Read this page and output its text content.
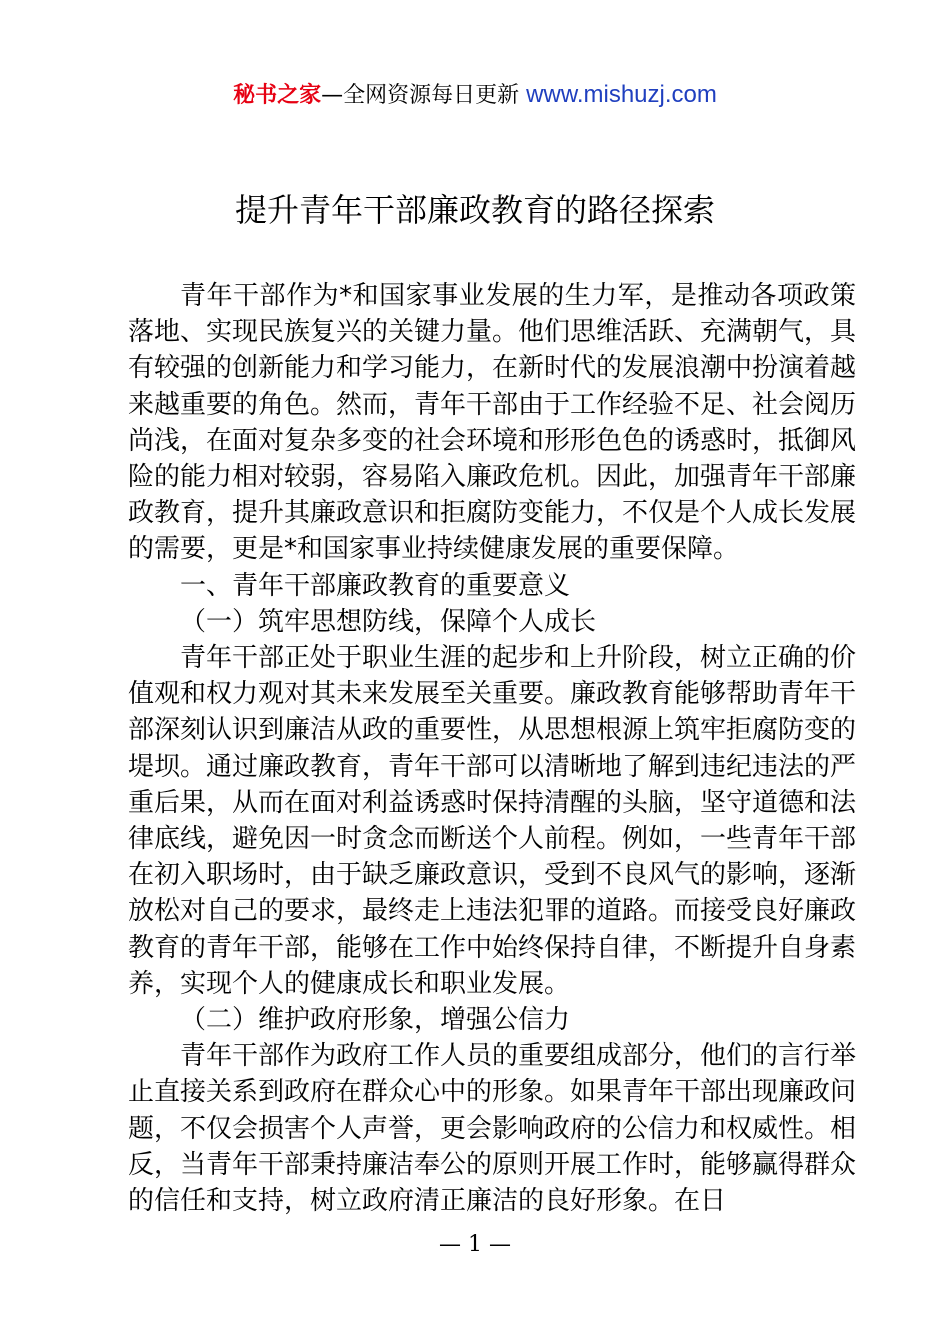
秘书之家—全网资源每日更新 www.mishuzj.com
提升青年干部廉政教育的路径探索

青年干部作为*和国家事业发展的生力军，是推动各项政策落地、实现民族复兴的关键力量。他们思维活跃、充满朝气，具有较强的创新能力和学习能力，在新时代的发展浪潮中扮演着越来越重要的角色。然而，青年干部由于工作经验不足、社会阅历尚浅，在面对复杂多变的社会环境和形形色色的诱惑时，抵御风险的能力相对较弱，容易陷入廉政危机。因此，加强青年干部廉政教育，提升其廉政意识和拒腐防变能力，不仅是个人成长发展的需要，更是*和国家事业持续健康发展的重要保障。

一、青年干部廉政教育的重要意义

（一）筑牢思想防线，保障个人成长

青年干部正处于职业生涯的起步和上升阶段，树立正确的价值观和权力观对其未来发展至关重要。廉政教育能够帮助青年干部深刻认识到廉洁从政的重要性，从思想根源上筑牢拒腐防变的堤坝。通过廉政教育，青年干部可以清晰地了解到违纪违法的严重后果，从而在面对利益诱惑时保持清醒的头脑，坚守道德和法律底线，避免因一时贪念而断送个人前程。例如，一些青年干部在初入职场时，由于缺乏廉政意识，受到不良风气的影响，逐渐放松对自己的要求，最终走上违法犯罪的道路。而接受良好廉政教育的青年干部，能够在工作中始终保持自律，不断提升自身素养，实现个人的健康成长和职业发展。

（二）维护政府形象，增强公信力

青年干部作为政府工作人员的重要组成部分，他们的言行举止直接关系到政府在群众心中的形象。如果青年干部出现廉政问题，不仅会损害个人声誉，更会影响政府的公信力和权威性。相反，当青年干部秉持廉洁奉公的原则开展工作时，能够赢得群众的信任和支持，树立政府清正廉洁的良好形象。在日

— 1 —
